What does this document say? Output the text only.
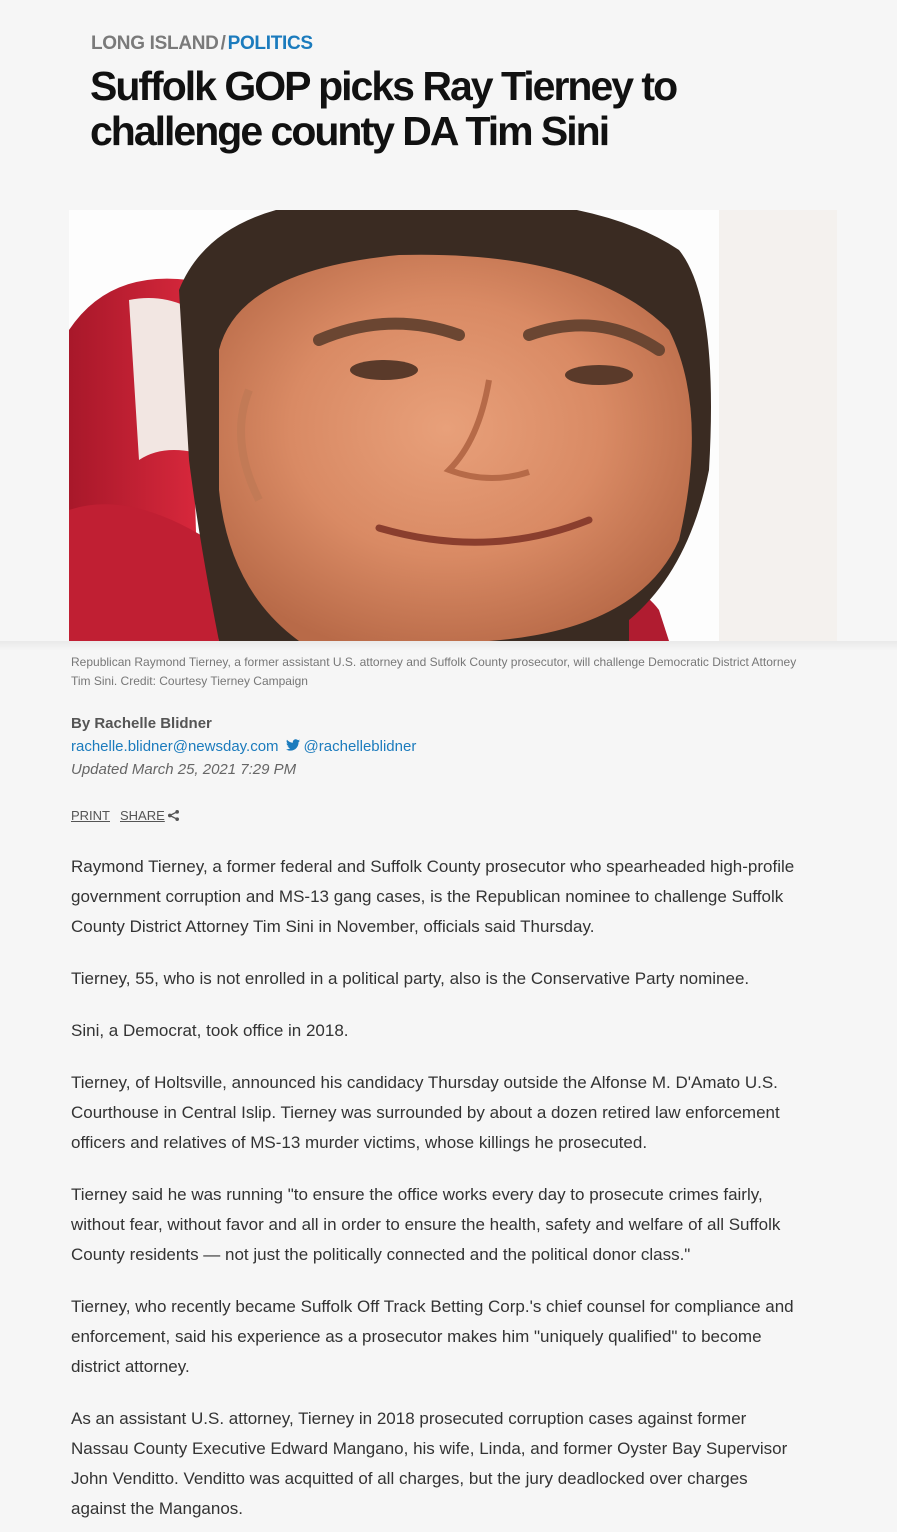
LONG ISLAND / POLITICS
Suffolk GOP picks Ray Tierney to challenge county DA Tim Sini

Republican Raymond Tierney, a former assistant U.S. attorney and Suffolk County prosecutor, will challenge Democratic District Attorney Tim Sini. Credit: Courtesy Tierney Campaign

By Rachelle Blidner
rachelle.blidner@newsday.com @rachelleblidner
Updated March 25, 2021 7:29 PM
PRINT SHARE

Raymond Tierney, a former federal and Suffolk County prosecutor who spearheaded high-profile government corruption and MS-13 gang cases, is the Republican nominee to challenge Suffolk County District Attorney Tim Sini in November, officials said Thursday.

Tierney, 55, who is not enrolled in a political party, also is the Conservative Party nominee.

Sini, a Democrat, took office in 2018.

Tierney, of Holtsville, announced his candidacy Thursday outside the Alfonse M. D'Amato U.S. Courthouse in Central Islip. Tierney was surrounded by about a dozen retired law enforcement officers and relatives of MS-13 murder victims, whose killings he prosecuted.

Tierney said he was running "to ensure the office works every day to prosecute crimes fairly, without fear, without favor and all in order to ensure the health, safety and welfare of all Suffolk County residents — not just the politically connected and the political donor class."

Tierney, who recently became Suffolk Off Track Betting Corp.'s chief counsel for compliance and enforcement, said his experience as a prosecutor makes him "uniquely qualified" to become district attorney.

As an assistant U.S. attorney, Tierney in 2018 prosecuted corruption cases against former Nassau County Executive Edward Mangano, his wife, Linda, and former Oyster Bay Supervisor John Venditto. Venditto was acquitted of all charges, but the jury deadlocked over charges against the Manganos.
